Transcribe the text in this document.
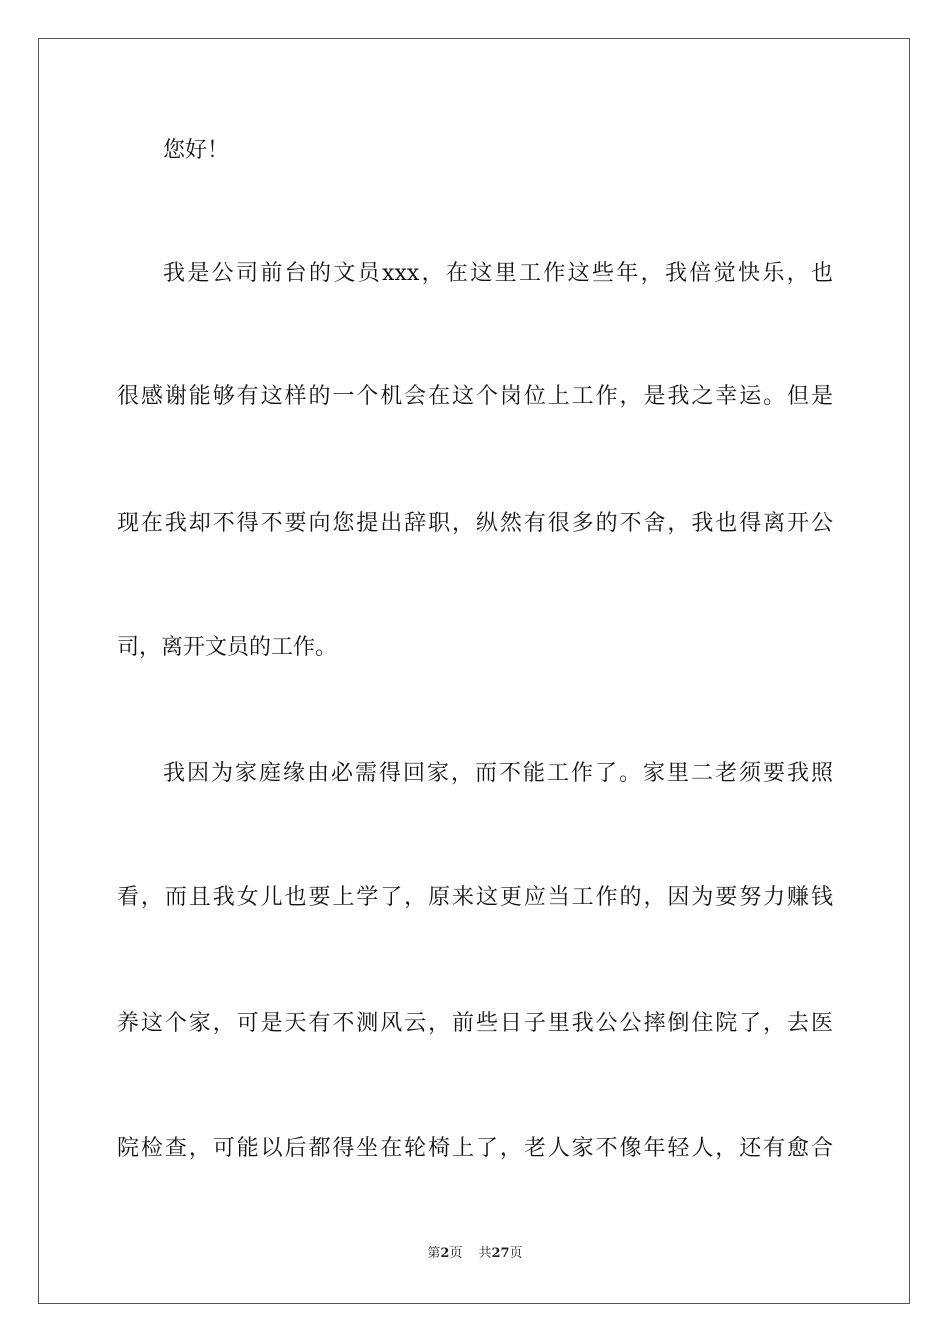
您好！
我是公司前台的文员xxx，在这里工作这些年，我倍觉快乐，也
很感谢能够有这样的一个机会在这个岗位上工作，是我之幸运。但是
现在我却不得不要向您提出辞职，纵然有很多的不舍，我也得离开公
司，离开文员的工作。
我因为家庭缘由必需得回家，而不能工作了。家里二老须要我照
看，而且我女儿也要上学了，原来这更应当工作的，因为要努力赚钱
养这个家，可是天有不测风云，前些日子里我公公摔倒住院了，去医
院检查，可能以后都得坐在轮椅上了，老人家不像年轻人，还有愈合
第2页 共27页
